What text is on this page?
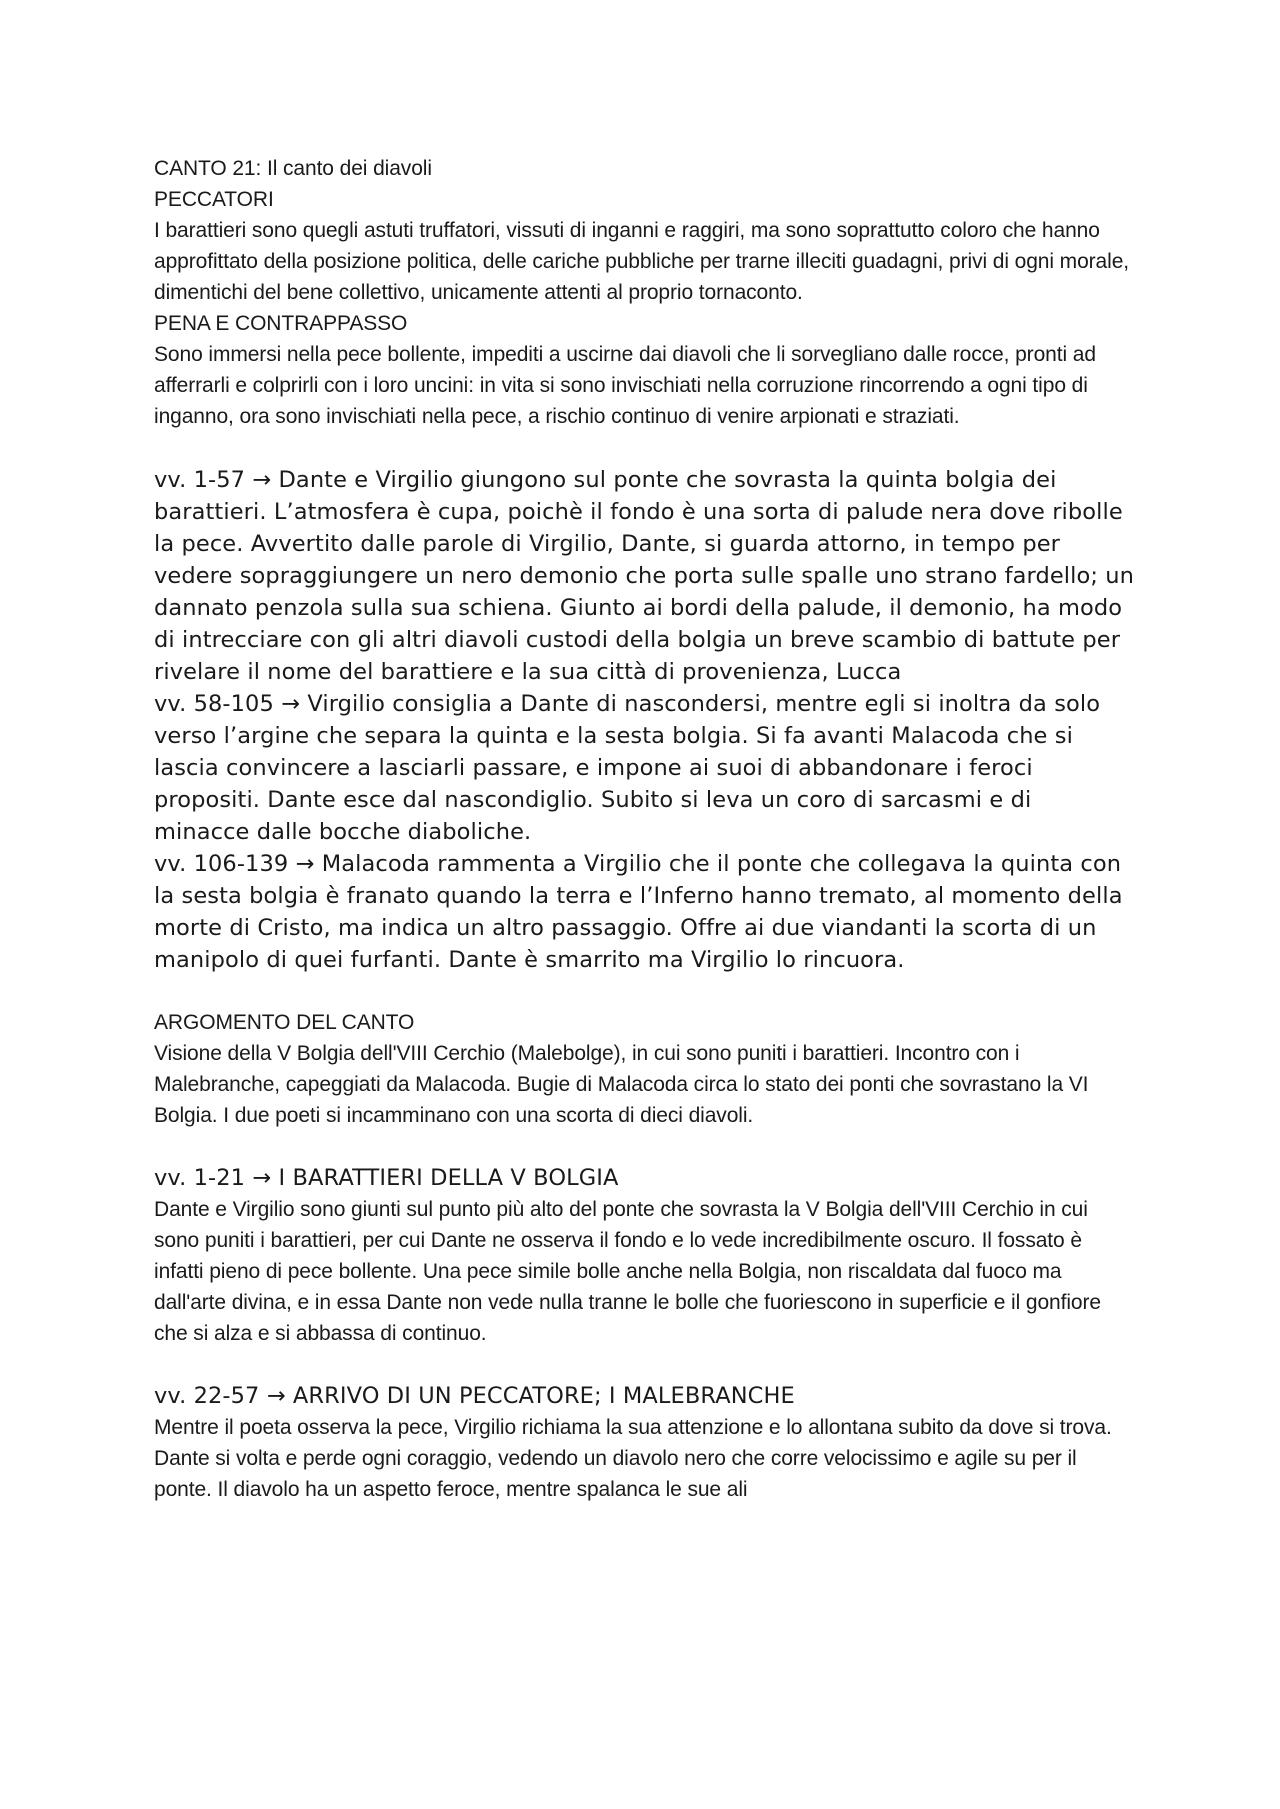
CANTO 21: Il canto dei diavoli

PECCATORI

I barattieri sono quegli astuti truffatori, vissuti di inganni e raggiri, ma sono soprattutto coloro che hanno approfittato della posizione politica, delle cariche pubbliche per trarne illeciti guadagni, privi di ogni morale, dimentichi del bene collettivo, unicamente attenti al proprio tornaconto.

PENA E CONTRAPPASSO

Sono immersi nella pece bollente, impediti a uscirne dai diavoli che li sorvegliano dalle rocce, pronti ad afferrarli e colprirli con i loro uncini: in vita si sono invischiati nella corruzione rincorrendo a ogni tipo di inganno, ora sono invischiati nella pece, a rischio continuo di venire arpionati e straziati.

vv. 1-57 → Dante e Virgilio giungono sul ponte che sovrasta la quinta bolgia dei barattieri. L’atmosfera è cupa, poichè il fondo è una sorta di palude nera dove ribolle la pece. Avvertito dalle parole di Virgilio, Dante, si guarda attorno, in tempo per vedere sopraggiungere un nero demonio che porta sulle spalle uno strano fardello; un dannato penzola sulla sua schiena. Giunto ai bordi della palude, il demonio, ha modo di intrecciare con gli altri diavoli custodi della bolgia un breve scambio di battute per rivelare il nome del barattiere e la sua città di provenienza, Lucca

vv. 58-105 → Virgilio consiglia a Dante di nascondersi, mentre egli si inoltra da solo verso l’argine che separa la quinta e la sesta bolgia. Si fa avanti Malacoda che si lascia convincere a lasciarli passare, e impone ai suoi di abbandonare i feroci propositi. Dante esce dal nascondiglio. Subito si leva un coro di sarcasmi e di minacce dalle bocche diaboliche.

vv. 106-139 → Malacoda rammenta a Virgilio che il ponte che collegava la quinta con la sesta bolgia è franato quando la terra e l’Inferno hanno tremato, al momento della morte di Cristo, ma indica un altro passaggio. Offre ai due viandanti la scorta di un manipolo di quei furfanti. Dante è smarrito ma Virgilio lo rincuora.

ARGOMENTO DEL CANTO

Visione della V Bolgia dell'VIII Cerchio (Malebolge), in cui sono puniti i barattieri. Incontro con i Malebranche, capeggiati da Malacoda. Bugie di Malacoda circa lo stato dei ponti che sovrastano la VI Bolgia. I due poeti si incamminano con una scorta di dieci diavoli.

vv. 1-21 → I BARATTIERI DELLA V BOLGIA

Dante e Virgilio sono giunti sul punto più alto del ponte che sovrasta la V Bolgia dell'VIII Cerchio in cui sono puniti i barattieri, per cui Dante ne osserva il fondo e lo vede incredibilmente oscuro. Il fossato è infatti pieno di pece bollente. Una pece simile bolle anche nella Bolgia, non riscaldata dal fuoco ma dall'arte divina, e in essa Dante non vede nulla tranne le bolle che fuoriescono in superficie e il gonfiore che si alza e si abbassa di continuo.

vv. 22-57 → ARRIVO DI UN PECCATORE; I MALEBRANCHE

Mentre il poeta osserva la pece, Virgilio richiama la sua attenzione e lo allontana subito da dove si trova. Dante si volta e perde ogni coraggio, vedendo un diavolo nero che corre velocissimo e agile su per il ponte. Il diavolo ha un aspetto feroce, mentre spalanca le sue ali
